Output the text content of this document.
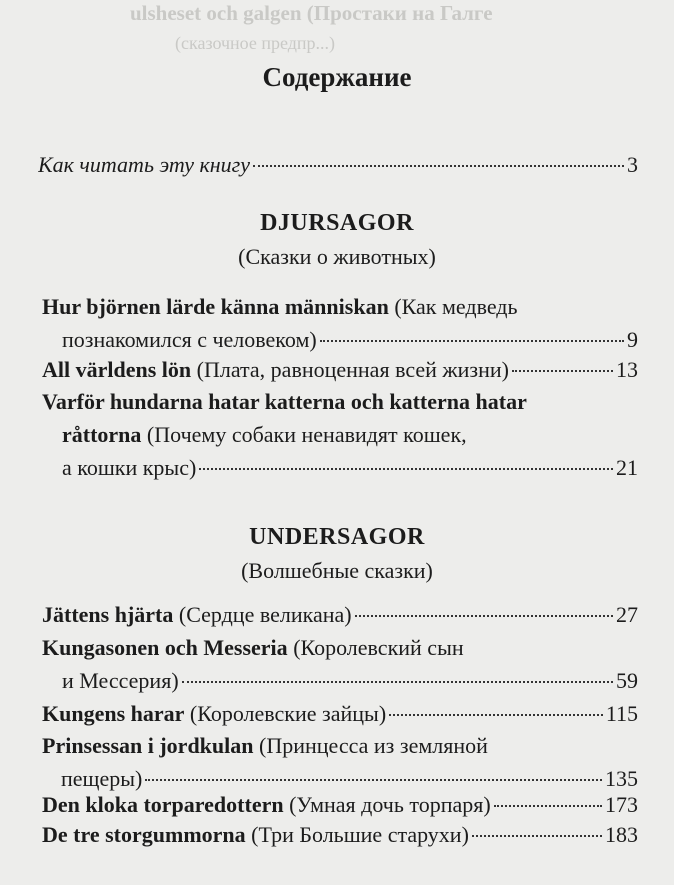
ulsheset och galgen (Простаки на Галге
(сказочное предпр...)
Содержание
Как читать эту книгу	3
DJURSAGOR
(Сказки о животных)
Hur björnen lärde känna människan (Как медведь
познакомился с человеком)	9
All världens lön (Плата, равноценная всей жизни)	13
Varför hundarna hatar katterna och katterna hatar
råttorna (Почему собаки ненавидят кошек,
а кошки крыс)	21
UNDERSAGOR
(Волшебные сказки)
Jättens hjärta (Сердце великана)	27
Kungasonen och Messeria (Королевский сын
и Мессерия)	59
Kungens harar (Королевские зайцы)	115
Prinsessan i jordkulan (Принцесса из земляной
пещеры)	135
Den kloka torparedottern (Умная дочь торпаря)	173
De tre storgummorna (Три Большие старухи)	183
